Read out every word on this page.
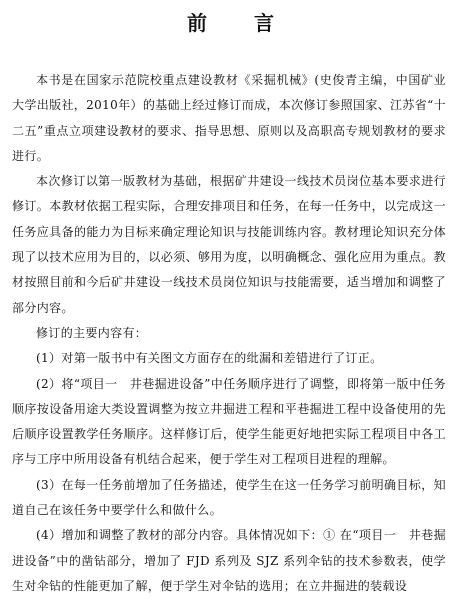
前 言

本书是在国家示范院校重点建设教材《采掘机械》(史俊青主编，中国矿业大学出版社，2010年）的基础上经过修订而成，本次修订参照国家、江苏省“十二五”重点立项建设教材的要求、指导思想、原则以及高职高专规划教材的要求进行。

本次修订以第一版教材为基础，根据矿井建设一线技术员岗位基本要求进行修订。本教材依据工程实际，合理安排项目和任务，在每一任务中，以完成这一任务应具备的能力为目标来确定理论知识与技能训练内容。教材理论知识充分体现了以技术应用为目的，以必须、够用为度，以明确概念、强化应用为重点。教材按照目前和今后矿井建设一线技术员岗位知识与技能需要，适当增加和调整了部分内容。

修订的主要内容有：

(1）对第一版书中有关图文方面存在的纰漏和差错进行了订正。

(2）将“项目一　井巷掘进设备”中任务顺序进行了调整，即将第一版中任务顺序按设备用途大类设置调整为按立井掘进工程和平巷掘进工程中设备使用的先后顺序设置教学任务顺序。这样修订后，使学生能更好地把实际工程项目中各工序与工序中所用设备有机结合起来，便于学生对工程项目进程的理解。

(3）在每一任务前增加了任务描述，使学生在这一任务学习前明确目标，知道自己在该任务中要学什么和做什么。

(4）增加和调整了教材的部分内容。具体情况如下：① 在“项目一　井巷掘进设备”中的凿钻部分，增加了 FJD 系列及 SJZ 系列伞钻的技术参数表，使学生对伞钻的性能更加了解，便于学生对伞钻的选用；在立井掘进的装载设
